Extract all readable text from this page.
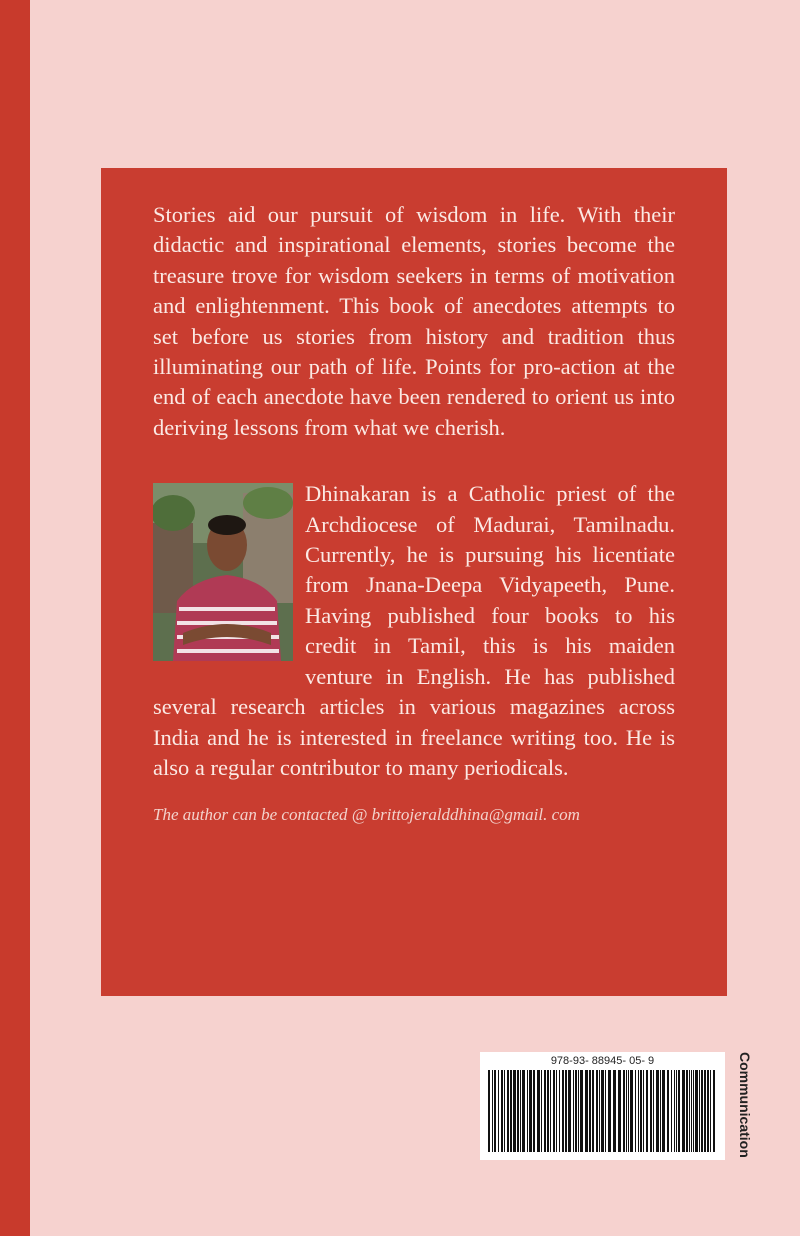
Stories aid our pursuit of wisdom in life. With their didactic and inspirational elements, stories become the treasure trove for wisdom seekers in terms of motivation and enlightenment. This book of anecdotes attempts to set before us stories from history and tradition thus illuminating our path of life. Points for pro-action at the end of each anecdote have been rendered to orient us into deriving lessons from what we cherish.

Dhinakaran is a Catholic priest of the Archdiocese of Madurai, Tamilnadu. Currently, he is pursuing his licentiate from Jnana-Deepa Vidyapeeth, Pune. Having published four books to his credit in Tamil, this is his maiden venture in English. He has published several research articles in various magazines across India and he is interested in freelance writing too. He is also a regular contributor to many periodicals.

The author can be contacted @ brittojeralddhina@gmail. com
978-93- 88945- 05- 9	Communication
